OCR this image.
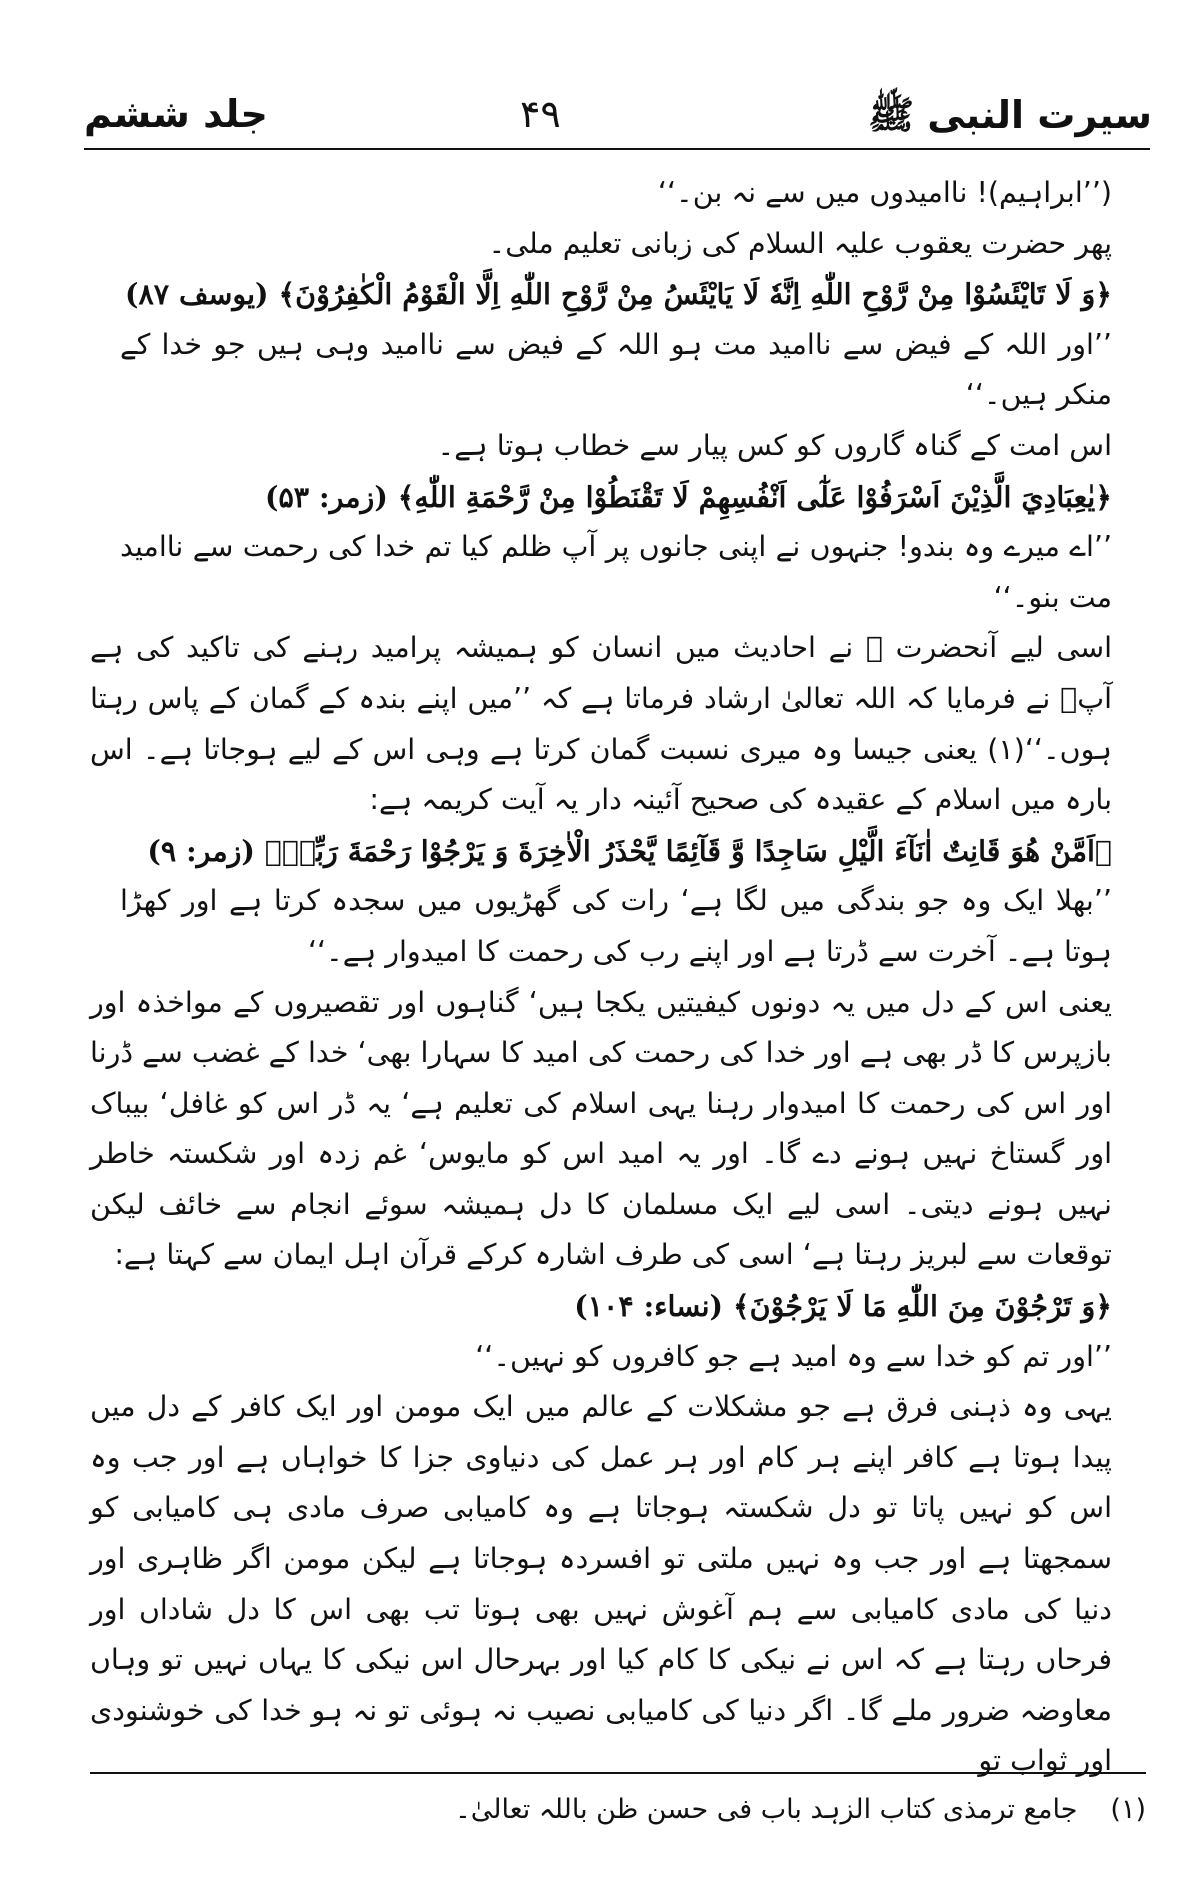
سیرت النبی ﷺ
۴۹
جلد ششم

(’’ابراہیم)! ناامیدوں میں سے نہ بن۔‘‘

پھر حضرت یعقوب علیہ السلام کی زبانی تعلیم ملی۔

﴿وَ لَا تَايْئَسُوْا مِنْ رَّوْحِ اللّٰهِ اِنَّهٗ لَا يَايْئَسُ مِنْ رَّوْحِ اللّٰهِ اِلَّا الْقَوْمُ الْكٰفِرُوْنَ﴾ (یوسف ۸۷)

’’اور اللہ کے فیض سے ناامید مت ہو اللہ کے فیض سے ناامید وہی ہیں جو خدا کے منکر ہیں۔‘‘

اس امت کے گناہ گاروں کو کس پیار سے خطاب ہوتا ہے۔

﴿يٰعِبَادِيَ الَّذِيْنَ اَسْرَفُوْا عَلٰٓى اَنْفُسِهِمْ لَا تَقْنَطُوْا مِنْ رَّحْمَةِ اللّٰهِ﴾ (زمر: ۵۳)

’’اے میرے وہ بندو! جنہوں نے اپنی جانوں پر آپ ظلم کیا تم خدا کی رحمت سے ناامید مت بنو۔‘‘

اسی لیے آنحضرت ﷺ نے احادیث میں انسان کو ہمیشہ پرامید رہنے کی تاکید کی ہے آپؐ نے فرمایا کہ اللہ تعالیٰ ارشاد فرماتا ہے کہ ’’میں اپنے بندہ کے گمان کے پاس رہتا ہوں۔‘‘(۱) یعنی جیسا وہ میری نسبت گمان کرتا ہے وہی اس کے لیے ہوجاتا ہے۔ اس بارہ میں اسلام کے عقیدہ کی صحیح آئینہ دار یہ آیت کریمہ ہے:

﴿اَمَّنْ هُوَ قَانِتٌ اٰنَآءَ الَّيْلِ سَاجِدًا وَّ قَآئِمًا يَّحْذَرُ الْاٰخِرَةَ وَ يَرْجُوْا رَحْمَةَ رَبِّهٖ﴾ (زمر: ۹)

’’بھلا ایک وہ جو بندگی میں لگا ہے‘ رات کی گھڑیوں میں سجدہ کرتا ہے اور کھڑا ہوتا ہے۔ آخرت سے ڈرتا ہے اور اپنے رب کی رحمت کا امیدوار ہے۔‘‘

یعنی اس کے دل میں یہ دونوں کیفیتیں یکجا ہیں‘ گناہوں اور تقصیروں کے مواخذہ اور بازپرس کا ڈر بھی ہے اور خدا کی رحمت کی امید کا سہارا بھی‘ خدا کے غضب سے ڈرنا اور اس کی رحمت کا امیدوار رہنا یہی اسلام کی تعلیم ہے‘ یہ ڈر اس کو غافل‘ بیباک اور گستاخ نہیں ہونے دے گا۔ اور یہ امید اس کو مایوس‘ غم زدہ اور شکستہ خاطر نہیں ہونے دیتی۔ اسی لیے ایک مسلمان کا دل ہمیشہ سوئے انجام سے خائف لیکن توقعات سے لبریز رہتا ہے‘ اسی کی طرف اشارہ کرکے قرآن اہل ایمان سے کہتا ہے:

﴿وَ تَرْجُوْنَ مِنَ اللّٰهِ مَا لَا يَرْجُوْنَ﴾ (نساء: ۱۰۴)

’’اور تم کو خدا سے وہ امید ہے جو کافروں کو نہیں۔‘‘

یہی وہ ذہنی فرق ہے جو مشکلات کے عالم میں ایک مومن اور ایک کافر کے دل میں پیدا ہوتا ہے کافر اپنے ہر کام اور ہر عمل کی دنیاوی جزا کا خواہاں ہے اور جب وہ اس کو نہیں پاتا تو دل شکستہ ہوجاتا ہے وہ کامیابی صرف مادی ہی کامیابی کو سمجھتا ہے اور جب وہ نہیں ملتی تو افسردہ ہوجاتا ہے لیکن مومن اگر ظاہری اور دنیا کی مادی کامیابی سے ہم آغوش نہیں بھی ہوتا تب بھی اس کا دل شاداں اور فرحاں رہتا ہے کہ اس نے نیکی کا کام کیا اور بہرحال اس نیکی کا یہاں نہیں تو وہاں معاوضہ ضرور ملے گا۔ اگر دنیا کی کامیابی نصیب نہ ہوئی تو نہ ہو خدا کی خوشنودی اور ثواب تو

(۱) جامع ترمذی کتاب الزہد باب فی حسن ظن باللہ تعالیٰ۔
